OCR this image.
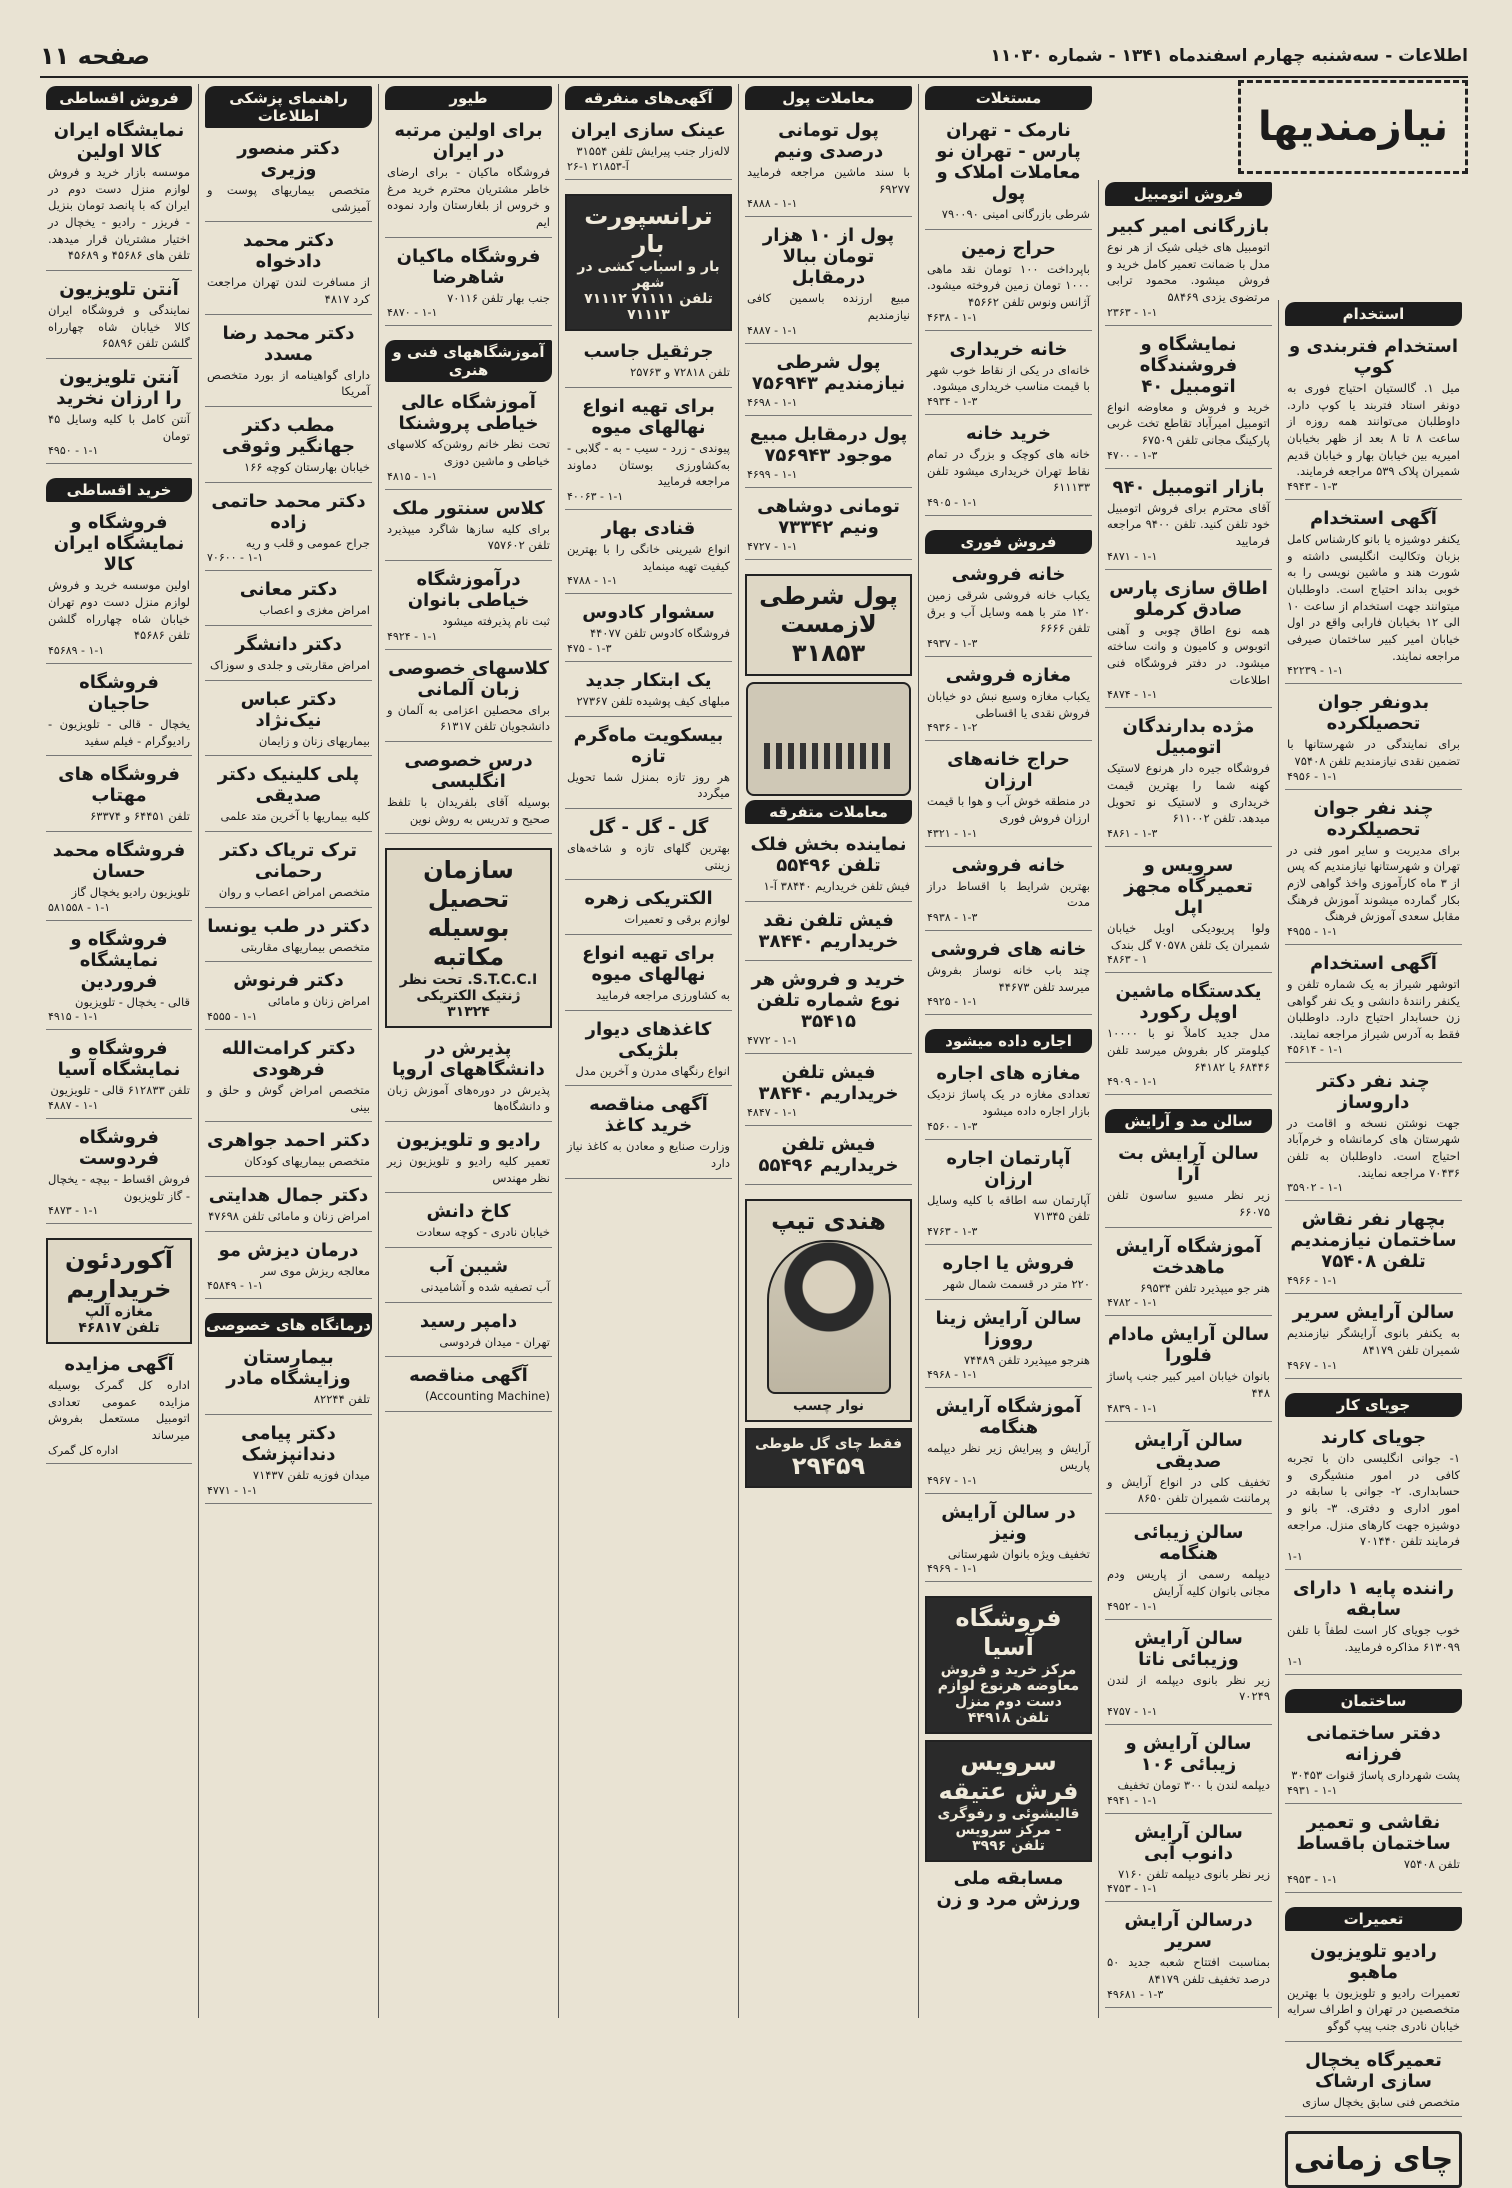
اطلاعات - سه‌شنبه چهارم اسفندماه ۱۳۴۱ - شماره ۱۱۰۳۰
صفحه ۱۱
نیازمندیها
استخدام
استخدام فتربندی و کوپ
میل ۱. گالستیان احتیاج فوری به دونفر استاد فتربند یا کوپ دارد. داوطلبان می‌توانند همه روزه از ساعت ۸ تا ۸ بعد از ظهر بخیابان امیریه بین خیابان بهار و خیابان قدیم شمیران پلاک ۵۳۹ مراجعه فرمایند.
۴۹۴۳ - ۱-۳
آگهی استخدام
یکنفر دوشیزه یا بانو کارشناس کامل بزبان وتکالیت انگلیسی داشته و شورت هند و ماشین نویسی را به خوبی بداند احتیاج است. داوطلبان میتوانند جهت استخدام از ساعت ۱۰ الی ۱۲ بخیابان فارابی واقع در اول خیابان امیر کبیر ساختمان صیرفی مراجعه نمایند.
۴۲۲۳۹ - ۱-۱
بدونفر جوان تحصیلکرده
برای نمایندگی در شهرستانها با تضمین نقدی نیازمندیم تلفن ۷۵۴۰۸
۴۹۵۶ - ۱-۱
چند نفر جوان تحصیلکرده
برای مدیریت و سایر امور فنی در تهران و شهرستانها نیازمندیم که پس از ۳ ماه کارآموزی واخذ گواهی لازم بکار گمارده میشوند آموزش فرهنگ مقابل سعدی آموزش فرهنگ
۴۹۵۵ - ۱-۱
آگهی استخدام
اتوشهر شیراز به یک شماره تلفن و یکنفر رانندۀ دانشی و یک نفر گواهی زن حسابدار احتیاج دارد. داوطلبان فقط به آدرس شیراز مراجعه نمایند.
۴۵۶۱۴ - ۱-۱
چند نفر دکتر داروساز
جهت نوشتن نسخه و اقامت در شهرستان های کرمانشاه و خرم‌آباد احتیاج است. داوطلبان به تلفن ۷۰۴۳۶ مراجعه نمایند.
۳۵۹۰۲ - ۱-۱
بچهار نفر نقاش ساختمان نیازمندیم تلفن ۷۵۴۰۸
۴۹۶۶ - ۱-۱
سالن آرایش سریر
به یکنفر بانوی آرایشگر نیازمندیم شمیران تلفن ۸۴۱۷۹
۴۹۶۷ - ۱-۱
جویای کار
جویای کارند
۱- جوانی انگلیسی دان با تجربه کافی در امور منشیگری و حسابداری. ۲- جوانی با سابقه در امور اداری و دفتری. ۳- بانو و دوشیزه جهت کارهای منزل. مراجعه فرمایند تلفن ۷۰۱۴۴۰
۱-۱
راننده پایه ۱ دارای سابقه
خوب جویای کار است لطفاً با تلفن ۶۱۳۰۹۹ مذاکره فرمایید.
۱-۱
ساختمان
دفتر ساختمانی فرزانه
پشت شهرداری پاساژ قنوات ۳۰۴۵۳
۴۹۳۱ - ۱-۱
نقاشی و تعمیر ساختمان باقساط
تلفن ۷۵۴۰۸
۴۹۵۳ - ۱-۱
تعمیرات
رادیو تلویزیون ماهبو
تعمیرات رادیو و تلویزیون با بهترین متخصصین در تهران و اطراف سرایه خیابان نادری جنب پیپ گوگو
تعمیرگاه یخچال سازی ارشاک
متخصص فنی سابق یخچال سازی
چای زمانی
فروش اتومبیل
بازرگانی امیر کبیر
اتومبیل های خیلی شیک از هر نوع مدل با ضمانت تعمیر کامل خرید و فروش میشود. محمود ترابی مرتضوی یزدی ۵۸۴۶۹
۲۳۶۳ - ۱-۱
نمایشگاه و فروشندگاه اتومبیل ۴۰
خرید و فروش و معاوضه انواع اتومبیل امیرآباد تقاطع تخت غربی پارکینگ مجانی تلفن ۶۷۵۰۹
۴۷۰۰ - ۱-۳
بازار اتومبیل ۹۴۰
آقای محترم برای فروش اتومبیل خود تلفن کنید. تلفن ۹۴۰۰ مراجعه فرمایید
۴۸۷۱ - ۱-۱
اطاق سازی پارس صادق کرملو
همه نوع اطاق چوبی و آهنی اتوبوس و کامیون و وانت ساخته میشود. در دفتر فروشگاه فنی اطلاعات
۴۸۷۴ - ۱-۱
مژده بدارندگان اتومبیل
فروشگاه جیره دار هرنوع لاستیک کهنه شما را بهترین قیمت خریداری و لاستیک نو تحویل میدهد. تلفن ۶۱۱۰۰۲
۴۸۶۱ - ۱-۳
سرویس و تعمیرگاه مجهز اپل
ولوا پریودیکی اویل خیابان شمیران یک تلفن ۷۰۵۷۸ گل بندک
۴۸۶۳ - ۱
یکدستگاه ماشین اوپل رکورد
مدل جدید کاملاً نو با ۱۰۰۰۰ کیلومتر کار بفروش میرسد تلفن ۶۸۴۴۶ یا ۶۴۱۸۲
۴۹۰۹ - ۱-۱
سالن مد و آرایش
سالن آرایش بت آرا
زیر نظر مسیو ساسون تلفن ۶۶۰۷۵
آموزشگاه آرایش ماهدخت
هنر جو میپذیرد تلفن ۶۹۵۳۴
۴۷۸۲ - ۱-۱
سالن آرایش مادام فلورا
بانوان خیابان امیر کبیر جنب پاساژ ۴۴۸
۴۸۳۹ - ۱-۱
سالن آرایش صدیقی
تخفیف کلی در انواع آرایش و پرماننت شمیران تلفن ۸۶۵۰
سالن زیبائی هنگامه
دیپلمه رسمی از پاریس ودم مجانی بانوان کلیه آرایش
۴۹۵۲ - ۱-۱
سالن آرایش وزیبائی ناتا
زیر نظر بانوی دیپلمه از لندن ۷۰۲۴۹
۴۷۵۷ - ۱-۱
سالن آرایش و زیبائی ۱۰۶
دیپلمه لندن با ۳۰۰ تومان تخفیف
۴۹۴۱ - ۱-۱
سالن آرایش دانوب آبی
زیر نظر بانوی دیپلمه تلفن ۷۱۶۰
۴۷۵۳ - ۱-۱
درسالن آرایش سریر
بمناسبت افتتاح شعبه جدید ۵۰ درصد تخفیف تلفن ۸۴۱۷۹
۴۹۶۸۱ - ۱-۳
مستغلات
نارمک - تهران پارس - تهران نو معاملات املاک و پول
شرطی بازرگانی امینی ۷۹۰۰۹۰
حراج زمین
باپرداخت ۱۰۰ تومان نقد ماهی ۱۰۰۰ تومان زمین فروخته میشود. آژانس ونوس تلفن ۴۵۶۶۲
۴۶۳۸ - ۱-۱
خانه خریداری
خانه‌ای در یکی از نقاط خوب شهر با قیمت مناسب خریداری میشود.
۴۹۳۴ - ۱-۳
خرید خانه
خانه های کوچک و بزرگ در تمام نقاط تهران خریداری میشود تلفن ۶۱۱۱۳۳
۴۹۰۵ - ۱-۱
فروش فوری
خانه فروشی
یکباب خانه فروشی شرقی زمین ۱۲۰ متر با همه وسایل آب و برق تلفن ۶۶۶۶
۴۹۳۷ - ۱-۳
مغازه فروشی
یکباب مغازه وسیع نبش دو خیابان فروش نقدی یا اقساطی
۴۹۳۶ - ۱-۲
حراج خانه‌های ارزان
در منطقه خوش آب و هوا با قیمت ارزان فروش فوری
۴۳۲۱ - ۱-۱
خانه فروشی
بهترین شرایط با اقساط دراز مدت
۴۹۳۸ - ۱-۳
خانه های فروشی
چند باب خانه نوساز بفروش میرسد تلفن ۴۴۶۷۳
۴۹۲۵ - ۱-۱
اجاره داده میشود
مغازه های اجاره
تعدادی مغازه در یک پاساژ نزدیک بازار اجاره داده میشود
۴۵۶۰ - ۱-۳
آپارتمان اجاره ارزان
آپارتمان سه اطاقه با کلیه وسایل تلفن ۷۱۳۴۵
۴۷۶۳ - ۱-۳
فروش یا اجاره
۲۲۰ متر در قسمت شمال شهر
سالن آرایش زینا رووزا
هنرجو میپذیرد تلفن ۷۴۴۸۹
۴۹۶۸ - ۱-۱
آموزشگاه آرایش هنگامه
آرایش و پیرایش زیر نظر دیپلمه پاریس
۴۹۶۷ - ۱-۱
در سالن آرایش ونیز
تخفیف ویژه بانوان شهرستانی
۴۹۶۹ - ۱-۱
فروشگاه آسیا
مرکز خرید و فروش معاوضه هرنوع لوازم دست دوم منزل
تلفن ۴۴۹۱۸
سرویس فرش عتیقه
قالیشوئی و رفوگری - مرکز سرویس
تلفن ۳۹۹۶
مسابقه ملی ورزش مرد و زن
معاملات پول
پول تومانی درصدی ونیم
با سند ماشین مراجعه فرمایید ۶۹۲۷۷
۴۸۸۸ - ۱-۱
پول از ۱۰ هزار تومان ببالا درمقابل
مبیع ارزنده باسمین کافی نیازمندیم
۴۸۸۷ - ۱-۱
پول شرطی نیازمندیم ۷۵۶۹۴۳
۴۶۹۸ - ۱-۱
پول درمقابل مبیع موجود ۷۵۶۹۴۳
۴۶۹۹ - ۱-۱
تومانی دوشاهی ونیم ۷۳۳۴۲
۴۷۲۷ - ۱-۱
پول شرطی
لازمست ۳۱۸۵۳
معاملات متفرقه
نماینده بخش فلک تلفن ۵۵۴۹۶
فیش تلفن خریداریم ۳۸۴۴۰ آ-۱
فیش تلفن نقد خریداریم ۳۸۴۴۰
خرید و فروش هر نوع شماره تلفن ۳۵۴۱۵
۴۷۷۲ - ۱-۱
فیش تلفن خریداریم ۳۸۴۴۰
۴۸۴۷ - ۱-۱
فیش تلفن خریداریم ۵۵۴۹۶
هندی تیپ
نوار چسب
فقط چای گل طوطی
۲۹۴۵۹
آگهی‌های منفرقه
عینک سازی ایران
لاله‌زار جنب پیرایش تلفن ۳۱۵۵۴
آ-۲۱۸۵۳ ۱-۲۶
ترانسپورت بار
بار و اسباب کشی در شهر
تلفن ۷۱۱۱۱ ۷۱۱۱۲ ۷۱۱۱۳
جرثقیل جاسب
تلفن ۷۲۸۱۸ و ۲۵۷۶۳
برای تهیه انواع نهالهای میوه
پیوندی - زرد - سیب - به - گلابی - به‌کشاورزی بوستان دماوند مراجعه فرمایید
۴۰۰۶۳ - ۱-۱
قنادی بهار
انواع شیرینی خانگی را با بهترین کیفیت تهیه مینماید
۴۷۸۸ - ۱-۱
سشوار کادوس
فروشگاه کادوس تلفن ۴۴۰۷۷
۴۷۵ - ۱-۳
یک ابتکار جدید
مبلهای کیف پوشیده تلفن ۲۷۳۶۷
بیسکویت ماه‌گرم تازه
هر روز تازه بمنزل شما تحویل میگردد
گل - گل - گل
بهترین گلهای تازه و شاخه‌های زینتی
الکتریکی زهره
لوازم برقی و تعمیرات
برای تهیه انواع نهالهای میوه
به کشاورزی مراجعه فرمایید
کاغذهای دیوار بلژیکی
انواع رنگهای مدرن و آخرین مدل
آگهی مناقصه خرید کاغذ
وزارت صنایع و معادن به کاغذ نیاز دارد
طیور
برای اولین مرتبه در ایران
فروشگاه ماکیان - برای ارضای خاطر مشتریان محترم خرید مرغ و خروس از بلغارستان وارد نموده ایم
فروشگاه ماکیان شاهرضا
جنب بهار تلفن ۷۰۱۱۶
۴۸۷۰ - ۱-۱
آموزشگاههای فنی و هنری
آموزشگاه عالی خیاطی پروشنکا
تحت نظر خانم روشن‌که کلاسهای خیاطی و ماشین دوزی
۴۸۱۵ - ۱-۱
کلاس سنتور ملک
برای کلیه سازها شاگرد میپذیرد تلفن ۷۵۷۶۰۲
درآموزشگاه خیاطی بانوان
ثبت نام پذیرفته میشود
۴۹۲۴ - ۱-۱
کلاسهای خصوصی زبان آلمانی
برای محصلین اعزامی به آلمان و دانشجویان تلفن ۶۱۳۱۷
درس خصوصی انگلیسی
بوسیله آقای بلفریدان با تلفظ صحیح و تدریس به روش نوین
سازمان تحصیل بوسیله مکاتبه
S.T.C.C.I. تحت نظر ژنتیک الکتریکی
۳۱۳۲۴
پذیرش در دانشگاههای اروپا
پذیرش در دوره‌های آموزش زبان و دانشگاه‌ها
رادیو و تلویزیون
تعمیر کلیه رادیو و تلویزیون زیر نظر مهندس
کاخ دانش
خیابان نادری - کوچه سعادت
شیبن آب
آب تصفیه شده و آشامیدنی
دامپر رسید
تهران - میدان فردوسی
آگهی مناقصه
(Accounting Machine)
راهنمای پزشکی اطلاعات
دکتر منصور وزیری
متخصص بیماریهای پوست و آمیزشی
دکتر محمد دادخواه
از مسافرت لندن تهران مراجعت کرد ۴۸۱۷
دکتر محمد رضا مسدد
دارای گواهینامه از بورد متخصص آمریکا
مطب دکتر جهانگیر وثوقی
خیابان بهارستان کوچه ۱۶۶
دکتر محمد حاتمی زاده
جراح عمومی و قلب و ریه
۷۰۶۰۰ - ۱-۱
دکتر معانی
امراض مغزی و اعصاب
دکتر دانشگر
امراض مقاربتی و جلدی و سوزاک
دکتر عباس نیک‌نژاد
بیماریهای زنان و زایمان
پلی کلینیک دکتر صدیقی
کلیه بیماریها با آخرین متد علمی
ترک تریاک دکتر رحمانی
متخصص امراض اعصاب و روان
دکتر در طب یونسا
متخصص بیماریهای مقاربتی
دکتر فرنوش
امراض زنان و مامائی
۴۵۵۵ - ۱-۱
دکتر کرامت‌الله فرهودی
متخصص امراض گوش و حلق و بینی
دکتر احمد جواهری
متخصص بیماریهای کودکان
دکتر جمال هدایتی
امراض زنان و مامائی تلفن ۴۷۶۹۸
درمان دیزش مو
معالجه ریزش موی سر
۴۵۸۴۹ - ۱-۱
درمانگاه های خصوصی
بیمارستان وزایشگاه مادر
تلفن ۸۲۲۴۴
دکتر پیامی دندانپزشک
میدان فوزیه تلفن ۷۱۴۳۷
۴۷۷۱ - ۱-۱
فروش اقساطی
نمایشگاه ایران کالا اولین
موسسه بازار خرید و فروش لوازم منزل دست دوم در ایران که با پانصد تومان بنزیل - فریزر - رادیو - یخچال در اختیار مشتریان قرار میدهد. تلفن های ۴۵۶۸۶ و ۴۵۶۸۹
آنتن تلویزیون
نمایندگی و فروشگاه ایران کالا خیابان شاه چهارراه گلشن تلفن ۶۵۸۹۶
آنتن تلویزیون را ارزان نخرید
آنتن کامل با کلیه وسایل ۴۵ تومان
۴۹۵۰ - ۱-۱
خرید اقساطی
فروشگاه و نمایشگاه ایران کالا
اولین موسسه خرید و فروش لوازم منزل دست دوم تهران خیابان شاه چهارراه گلشن تلفن ۴۵۶۸۶
۴۵۶۸۹ - ۱-۱
فروشگاه حاجیان
یخچال - قالی - تلویزیون - رادیوگرام - فیلم سفید
فروشگاه های مهتاب
تلفن ۶۴۴۵۱ و ۶۳۳۷۴
فروشگاه محمد حسان
تلویزیون رادیو یخچال گاز
۵۸۱۵۵۸ - ۱-۱
فروشگاه و نمایشگاه فروردین
قالی - یخچال - تلویزیون
۴۹۱۵ - ۱-۱
فروشگاه و نمایشگاه آسیا
تلفن ۶۱۲۸۳۳ قالی - تلویزیون
۴۸۸۷ - ۱-۱
فروشگاه فردوست
فروش اقساط - بیچه - یخچال - گاز تلویزیون
۴۸۷۳ - ۱-۱
آکوردئون خریداریم
مغازه آلپ
تلفن ۴۶۸۱۷
آگهی مزایده
اداره کل گمرک بوسیله مزایده عمومی تعدادی اتومبیل مستعمل بفروش میرساند
اداره کل گمرک
